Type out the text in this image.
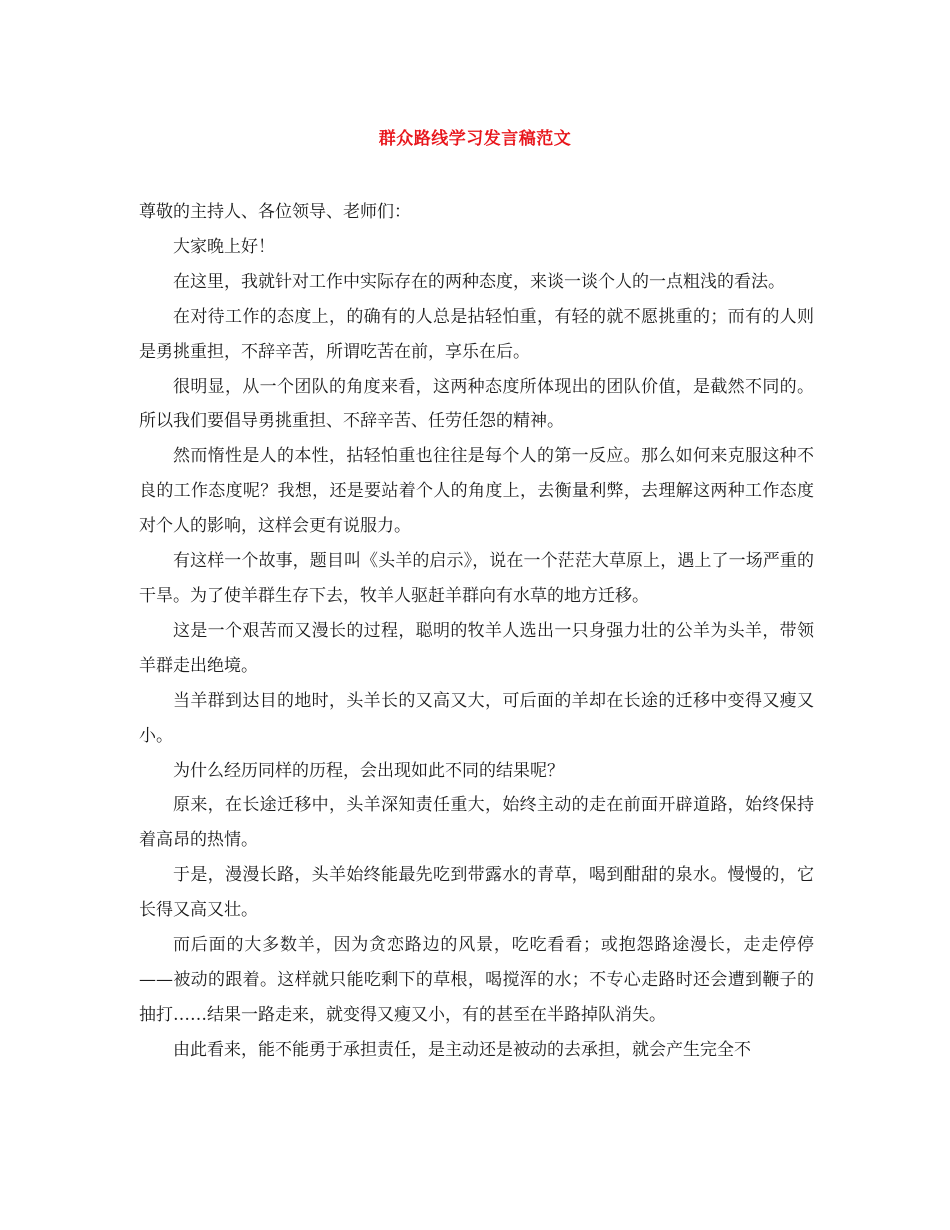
群众路线学习发言稿范文

尊敬的主持人、各位领导、老师们：

大家晚上好！

在这里，我就针对工作中实际存在的两种态度，来谈一谈个人的一点粗浅的看法。

在对待工作的态度上，的确有的人总是拈轻怕重，有轻的就不愿挑重的；而有的人则是勇挑重担，不辞辛苦，所谓吃苦在前，享乐在后。

很明显，从一个团队的角度来看，这两种态度所体现出的团队价值，是截然不同的。所以我们要倡导勇挑重担、不辞辛苦、任劳任怨的精神。

然而惰性是人的本性，拈轻怕重也往往是每个人的第一反应。那么如何来克服这种不良的工作态度呢？我想，还是要站着个人的角度上，去衡量利弊，去理解这两种工作态度对个人的影响，这样会更有说服力。

有这样一个故事，题目叫《头羊的启示》，说在一个茫茫大草原上，遇上了一场严重的干旱。为了使羊群生存下去，牧羊人驱赶羊群向有水草的地方迁移。

这是一个艰苦而又漫长的过程，聪明的牧羊人选出一只身强力壮的公羊为头羊，带领羊群走出绝境。

当羊群到达目的地时，头羊长的又高又大，可后面的羊却在长途的迁移中变得又瘦又小。

为什么经历同样的历程，会出现如此不同的结果呢？

原来，在长途迁移中，头羊深知责任重大，始终主动的走在前面开辟道路，始终保持着高昂的热情。

于是，漫漫长路，头羊始终能最先吃到带露水的青草，喝到酣甜的泉水。慢慢的，它长得又高又壮。

而后面的大多数羊，因为贪恋路边的风景，吃吃看看；或抱怨路途漫长，走走停停——被动的跟着。这样就只能吃剩下的草根，喝搅浑的水；不专心走路时还会遭到鞭子的抽打……结果一路走来，就变得又瘦又小，有的甚至在半路掉队消失。

由此看来，能不能勇于承担责任，是主动还是被动的去承担，就会产生完全不
